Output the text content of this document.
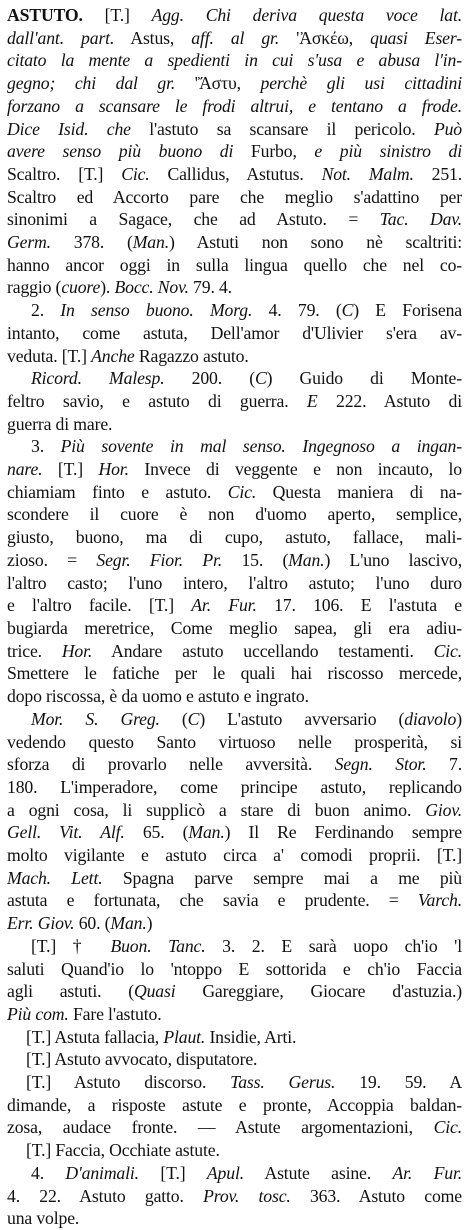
ASTUTO. [T.] Agg. Chi deriva questa voce lat.
dall'ant. part. Astus, aff. al gr. 'Ἀσκέω, quasi Eser-
citato la mente a spedienti in cui s'usa e abusa l'in-
gegno; chi dal gr. 'Ἄστυ, perchè gli usi cittadini
forzano a scansare le frodi altrui, e tentano a frode.
Dice Isid. che l'astuto sa scansare il pericolo. Può
avere senso più buono di Furbo, e più sinistro di
Scaltro. [T.] Cic. Callidus, Astutus. Not. Malm. 251.
Scaltro ed Accorto pare che meglio s'adattino per
sinonimi a Sagace, che ad Astuto. = Tac. Dav.
Germ. 378. (Man.) Astuti non sono nè scaltriti:
hanno ancor oggi in sulla lingua quello che nel co-
raggio (cuore). Bocc. Nov. 79. 4.
2. In senso buono. Morg. 4. 79. (C) E Forisena
intanto, come astuta, Dell'amor d'Ulivier s'era av-
veduta. [T.] Anche Ragazzo astuto.
Ricord. Malesp. 200. (C) Guido di Monte-
feltro savio, e astuto di guerra. E 222. Astuto di
guerra di mare.
3. Più sovente in mal senso. Ingegnoso a ingan-
nare. [T.] Hor. Invece di veggente e non incauto, lo
chiamiam finto e astuto. Cic. Questa maniera di na-
scondere il cuore è non d'uomo aperto, semplice,
giusto, buono, ma di cupo, astuto, fallace, mali-
zioso. = Segr. Fior. Pr. 15. (Man.) L'uno lascivo,
l'altro casto; l'uno intero, l'altro astuto; l'uno duro
e l'altro facile. [T.] Ar. Fur. 17. 106. E l'astuta e
bugiarda meretrice, Come meglio sapea, gli era adiu-
trice. Hor. Andare astuto uccellando testamenti. Cic.
Smettere le fatiche per le quali hai riscosso mercede,
dopo riscossa, è da uomo e astuto e ingrato.
Mor. S. Greg. (C) L'astuto avversario (diavolo)
vedendo questo Santo virtuoso nelle prosperità, si
sforza di provarlo nelle avversità. Segn. Stor. 7.
180. L'imperadore, come principe astuto, replicando
a ogni cosa, li supplicò a stare di buon animo. Giov.
Gell. Vit. Alf. 65. (Man.) Il Re Ferdinando sempre
molto vigilante e astuto circa a' comodi proprii. [T.]
Mach. Lett. Spagna parve sempre mai a me più
astuta e fortunata, che savia e prudente. = Varch.
Err. Giov. 60. (Man.)
[T.] † Buon. Tanc. 3. 2. E sarà uopo ch'io 'l
saluti Quand'io lo 'ntoppo E sottorida e ch'io Faccia
agli astuti. (Quasi Gareggiare, Giocare d'astuzia.)
Più com. Fare l'astuto.
[T.] Astuta fallacia, Plaut. Insidie, Arti.
[T.] Astuto avvocato, disputatore.
[T.] Astuto discorso. Tass. Gerus. 19. 59. A
dimande, a risposte astute e pronte, Accoppia baldan-
zosa, audace fronte. — Astute argomentazioni, Cic.
[T.] Faccia, Occhiate astute.
4. D'animali. [T.] Apul. Astute asine. Ar. Fur.
4. 22. Astuto gatto. Prov. tosc. 363. Astuto come
una volpe.
